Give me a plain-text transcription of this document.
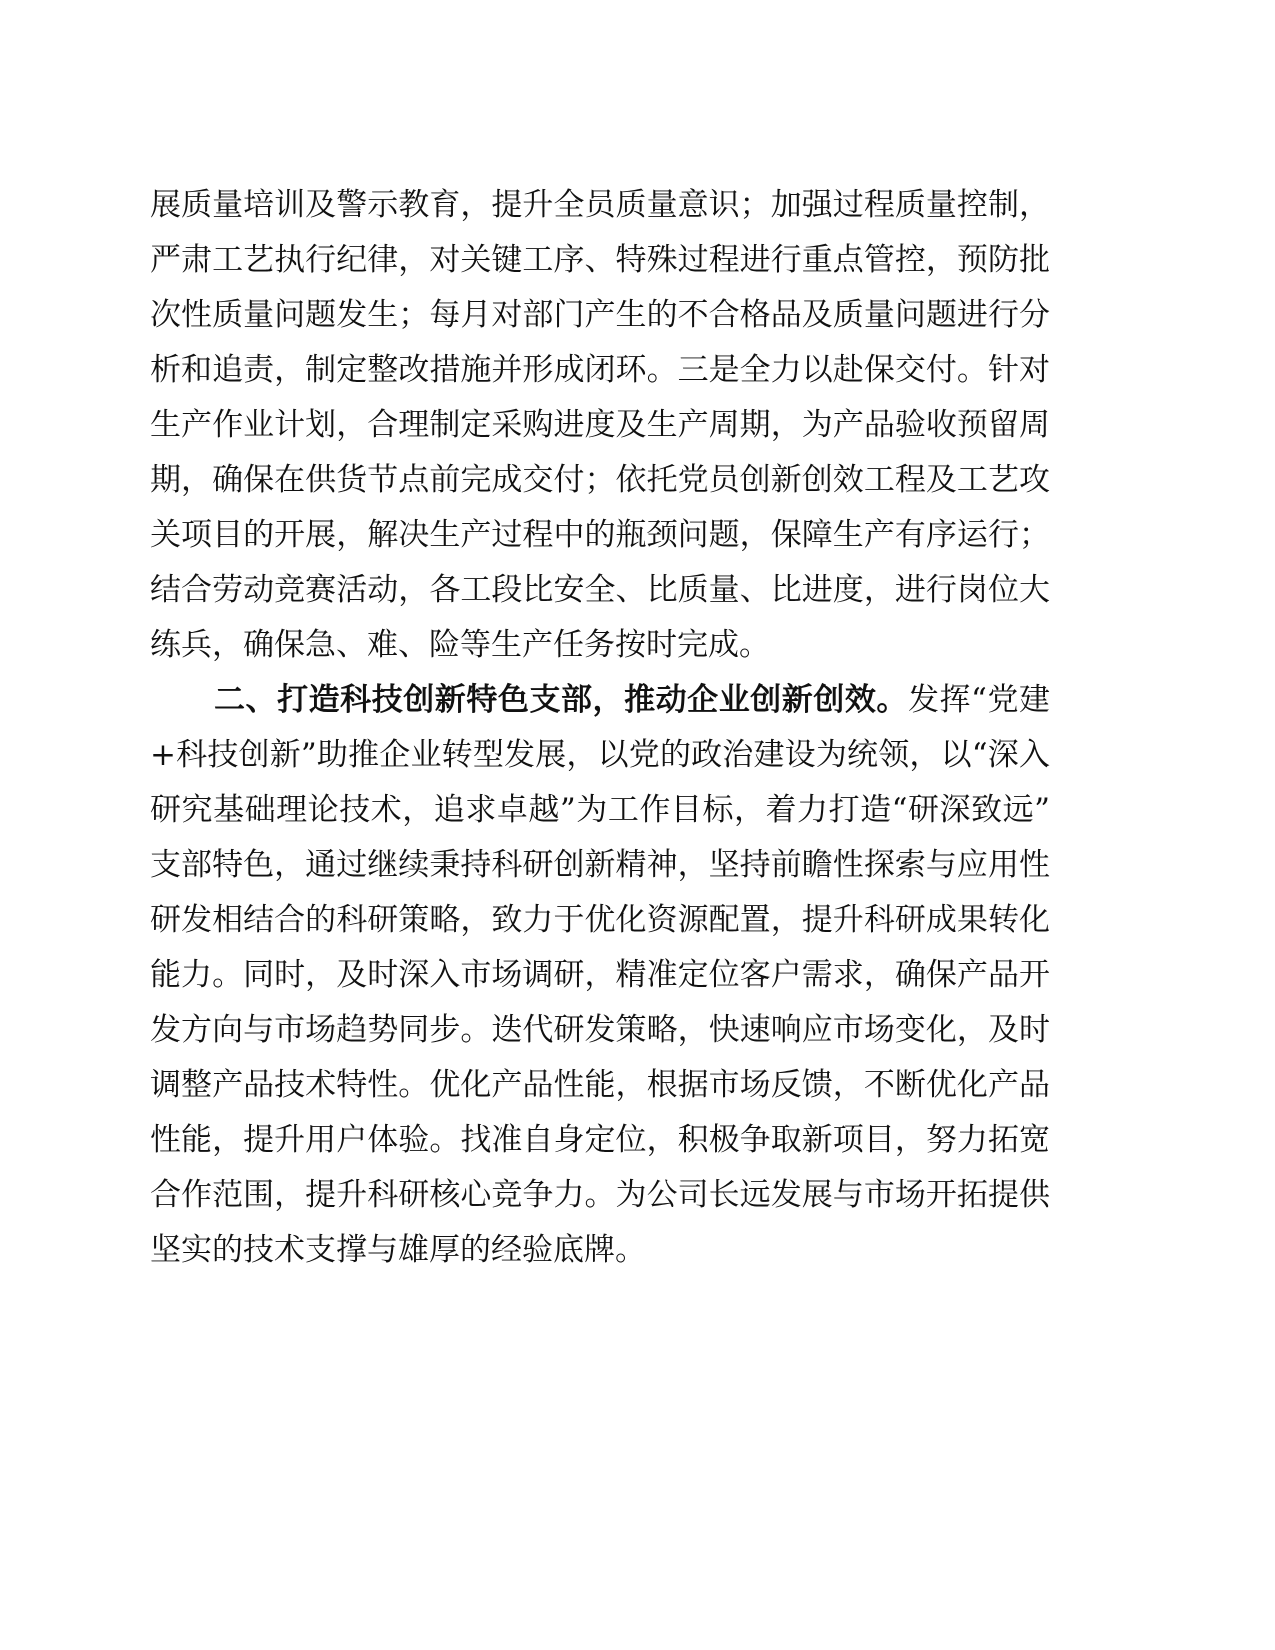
展质量培训及警示教育，提升全员质量意识；加强过程质量控制，严肃工艺执行纪律，对关键工序、特殊过程进行重点管控，预防批次性质量问题发生；每月对部门产生的不合格品及质量问题进行分析和追责，制定整改措施并形成闭环。三是全力以赴保交付。针对生产作业计划，合理制定采购进度及生产周期，为产品验收预留周期，确保在供货节点前完成交付；依托党员创新创效工程及工艺攻关项目的开展，解决生产过程中的瓶颈问题，保障生产有序运行；结合劳动竞赛活动，各工段比安全、比质量、比进度，进行岗位大练兵，确保急、难、险等生产任务按时完成。

二、打造科技创新特色支部，推动企业创新创效。发挥“党建+科技创新”助推企业转型发展，以党的政治建设为统领，以“深入研究基础理论技术，追求卓越”为工作目标，着力打造“研深致远”支部特色，通过继续秉持科研创新精神，坚持前瞻性探索与应用性研发相结合的科研策略，致力于优化资源配置，提升科研成果转化能力。同时，及时深入市场调研，精准定位客户需求，确保产品开发方向与市场趋势同步。迭代研发策略，快速响应市场变化，及时调整产品技术特性。优化产品性能，根据市场反馈，不断优化产品性能，提升用户体验。找准自身定位，积极争取新项目，努力拓宽合作范围，提升科研核心竞争力。为公司长远发展与市场开拓提供坚实的技术支撑与雄厚的经验底牌。
